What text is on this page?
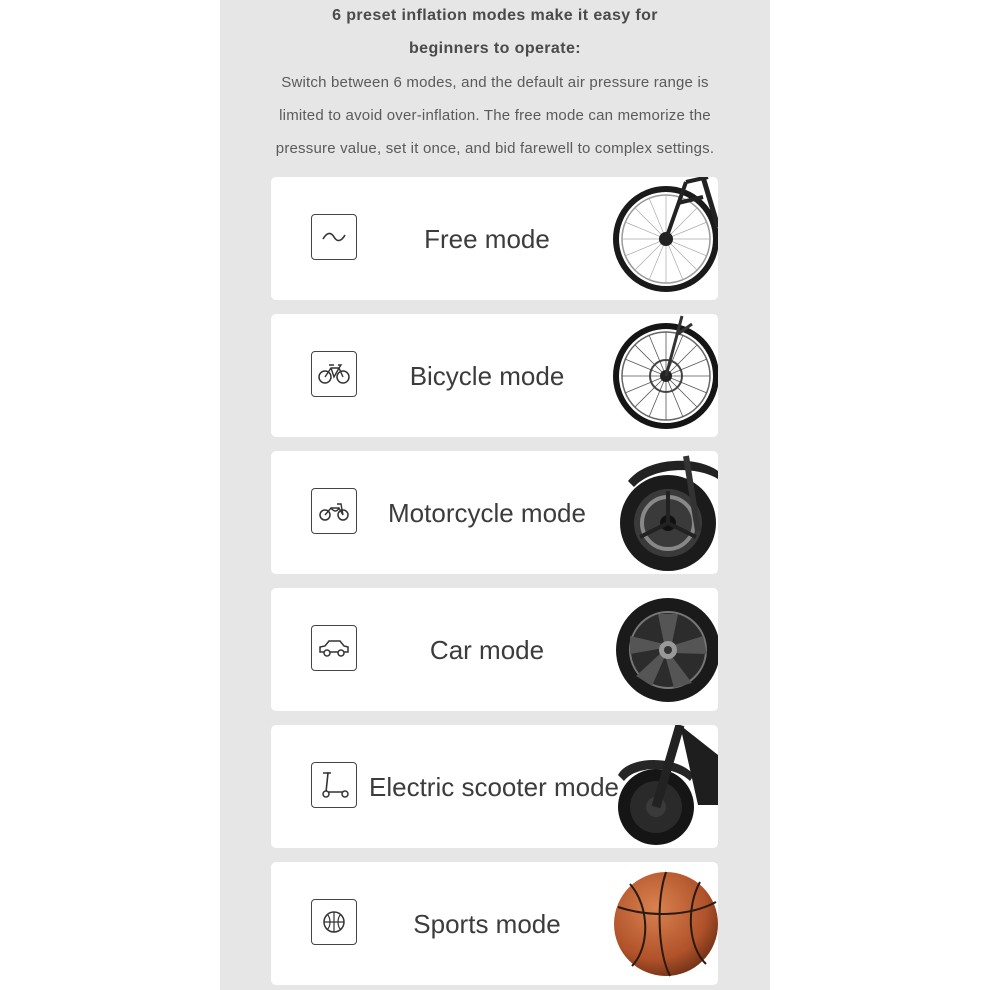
6 preset inflation modes make it easy for

beginners to operate:

Switch between 6 modes, and the default air pressure range is

limited to avoid over-inflation. The free mode can memorize the

pressure value, set it once, and bid farewell to complex settings.

Free mode
Bicycle mode
Motorcycle mode
Car mode
Electric scooter mode
Sports mode
